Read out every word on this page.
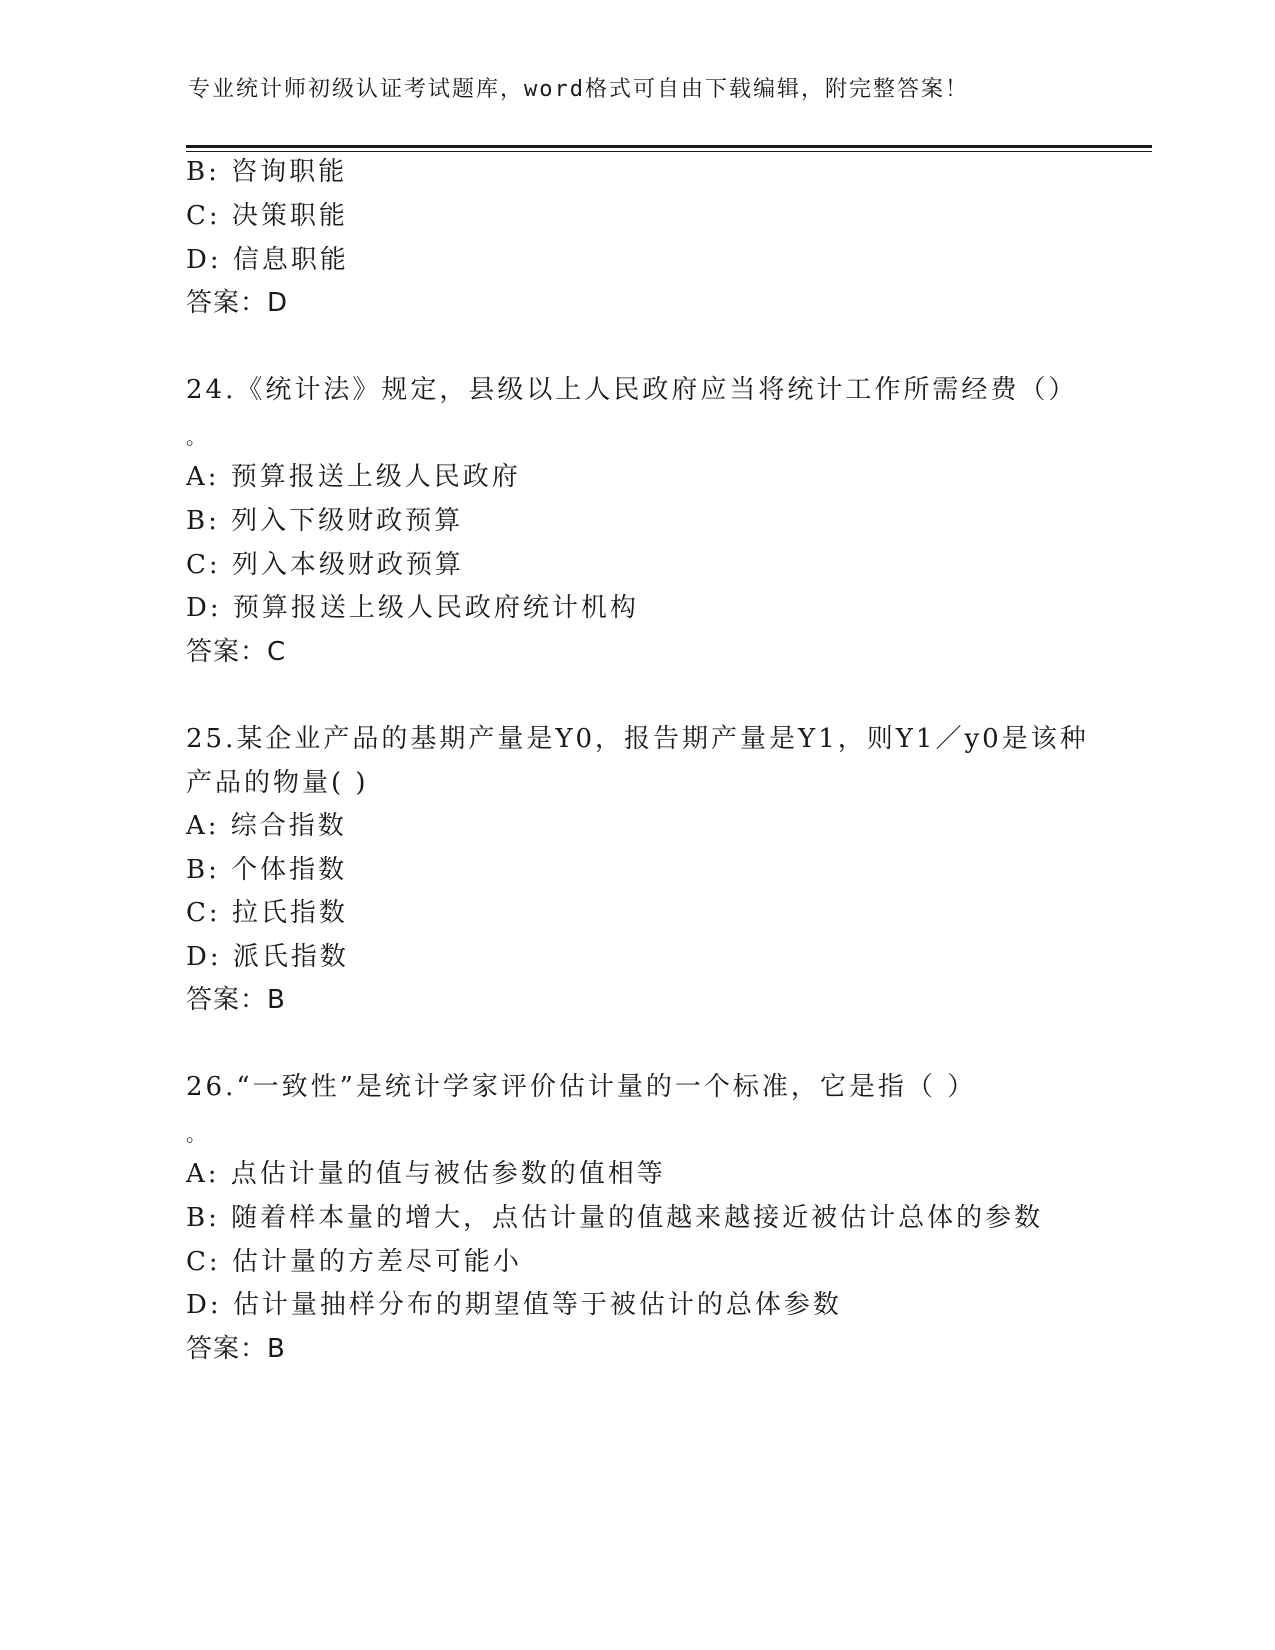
专业统计师初级认证考试题库，word格式可自由下载编辑，附完整答案！
B: 咨询职能
C: 决策职能
D: 信息职能
答案：D
24.《统计法》规定，县级以上人民政府应当将统计工作所需经费（）
。
A: 预算报送上级人民政府
B: 列入下级财政预算
C: 列入本级财政预算
D: 预算报送上级人民政府统计机构
答案：C
25.某企业产品的基期产量是Y0，报告期产量是Y1，则Y1／y0是该种
产品的物量( )
A: 综合指数
B: 个体指数
C: 拉氏指数
D: 派氏指数
答案：B
26.“一致性”是统计学家评价估计量的一个标准，它是指（ ）
。
A: 点估计量的值与被估参数的值相等
B: 随着样本量的增大，点估计量的值越来越接近被估计总体的参数
C: 估计量的方差尽可能小
D: 估计量抽样分布的期望值等于被估计的总体参数
答案：B
